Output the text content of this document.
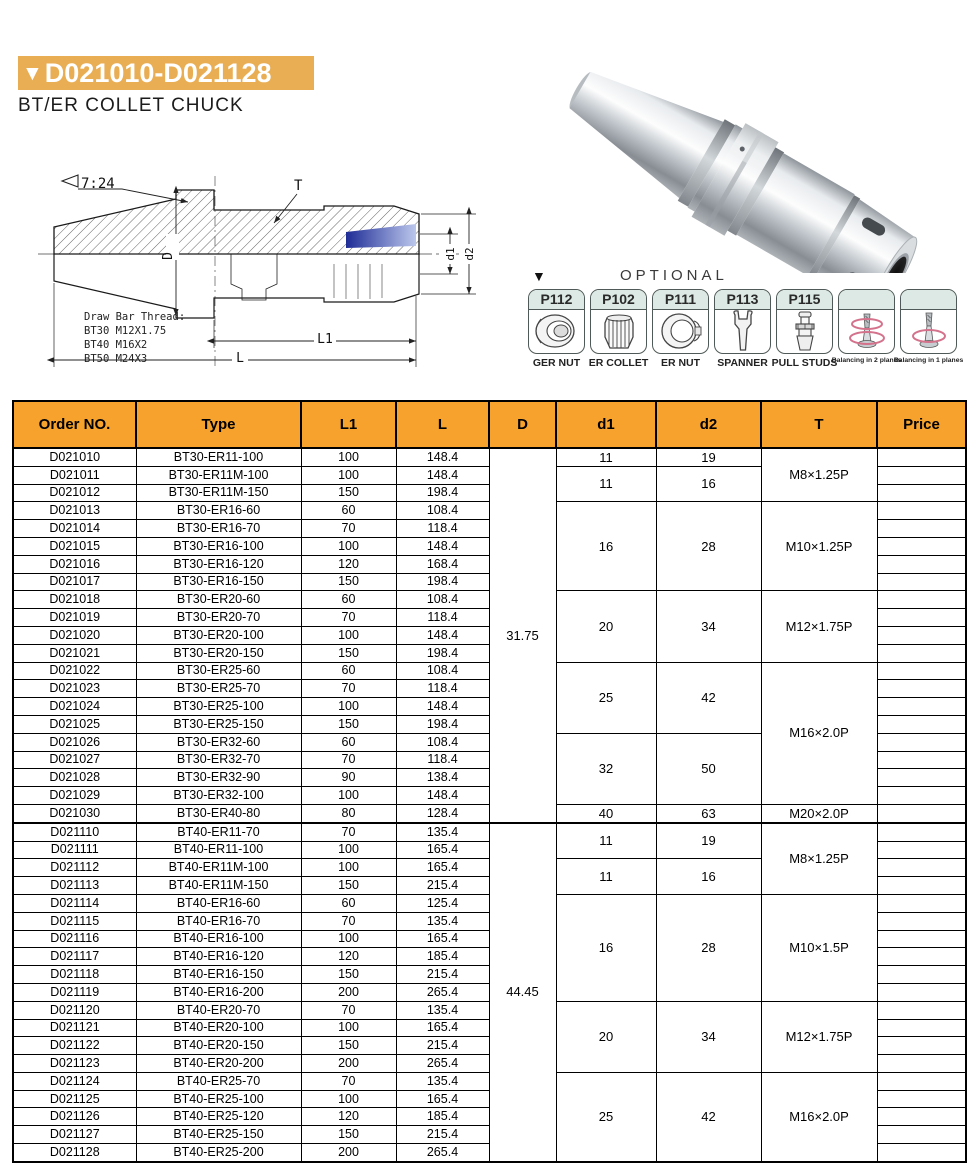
▼ D021010-D021128
BT/ER COLLET CHUCK
7:24	T
D	d1 d2
L1
L
Draw Bar Thread:
BT30 M12X1.75
BT40 M16X2
BT50 M24X3
▼	OPTIONAL
P112
GER NUT
P102
ER COLLET
P111
ER NUT
P113
SPANNER
P115
PULL STUDS
Balancing in 2 planes
Balancing in 1 planes
Order NO.	Type	L1	L	D	d1	d2	T	Price
D021010	BT30-ER11-100	100	148.4	31.75	11	19	M8×1.25P	
D021011	BT30-ER11M-100	100	148.4		11	16		
D021012	BT30-ER11M-150	150	198.4					
D021013	BT30-ER16-60	60	108.4		16	28	M10×1.25P	
D021014	BT30-ER16-70	70	118.4					
D021015	BT30-ER16-100	100	148.4					
D021016	BT30-ER16-120	120	168.4					
D021017	BT30-ER16-150	150	198.4					
D021018	BT30-ER20-60	60	108.4		20	34	M12×1.75P	
D021019	BT30-ER20-70	70	118.4					
D021020	BT30-ER20-100	100	148.4					
D021021	BT30-ER20-150	150	198.4					
D021022	BT30-ER25-60	60	108.4		25	42	M16×2.0P	
D021023	BT30-ER25-70	70	118.4					
D021024	BT30-ER25-100	100	148.4					
D021025	BT30-ER25-150	150	198.4					
D021026	BT30-ER32-60	60	108.4		32	50		
D021027	BT30-ER32-70	70	118.4					
D021028	BT30-ER32-90	90	138.4					
D021029	BT30-ER32-100	100	148.4					
D021030	BT30-ER40-80	80	128.4		40	63	M20×2.0P	
D021110	BT40-ER11-70	70	135.4	44.45	11	19	M8×1.25P	
D021111	BT40-ER11-100	100	165.4					
D021112	BT40-ER11M-100	100	165.4		11	16		
D021113	BT40-ER11M-150	150	215.4					
D021114	BT40-ER16-60	60	125.4		16	28	M10×1.5P	
D021115	BT40-ER16-70	70	135.4					
D021116	BT40-ER16-100	100	165.4					
D021117	BT40-ER16-120	120	185.4					
D021118	BT40-ER16-150	150	215.4					
D021119	BT40-ER16-200	200	265.4					
D021120	BT40-ER20-70	70	135.4		20	34	M12×1.75P	
D021121	BT40-ER20-100	100	165.4					
D021122	BT40-ER20-150	150	215.4					
D021123	BT40-ER20-200	200	265.4					
D021124	BT40-ER25-70	70	135.4		25	42	M16×2.0P	
D021125	BT40-ER25-100	100	165.4					
D021126	BT40-ER25-120	120	185.4					
D021127	BT40-ER25-150	150	215.4					
D021128	BT40-ER25-200	200	265.4					
